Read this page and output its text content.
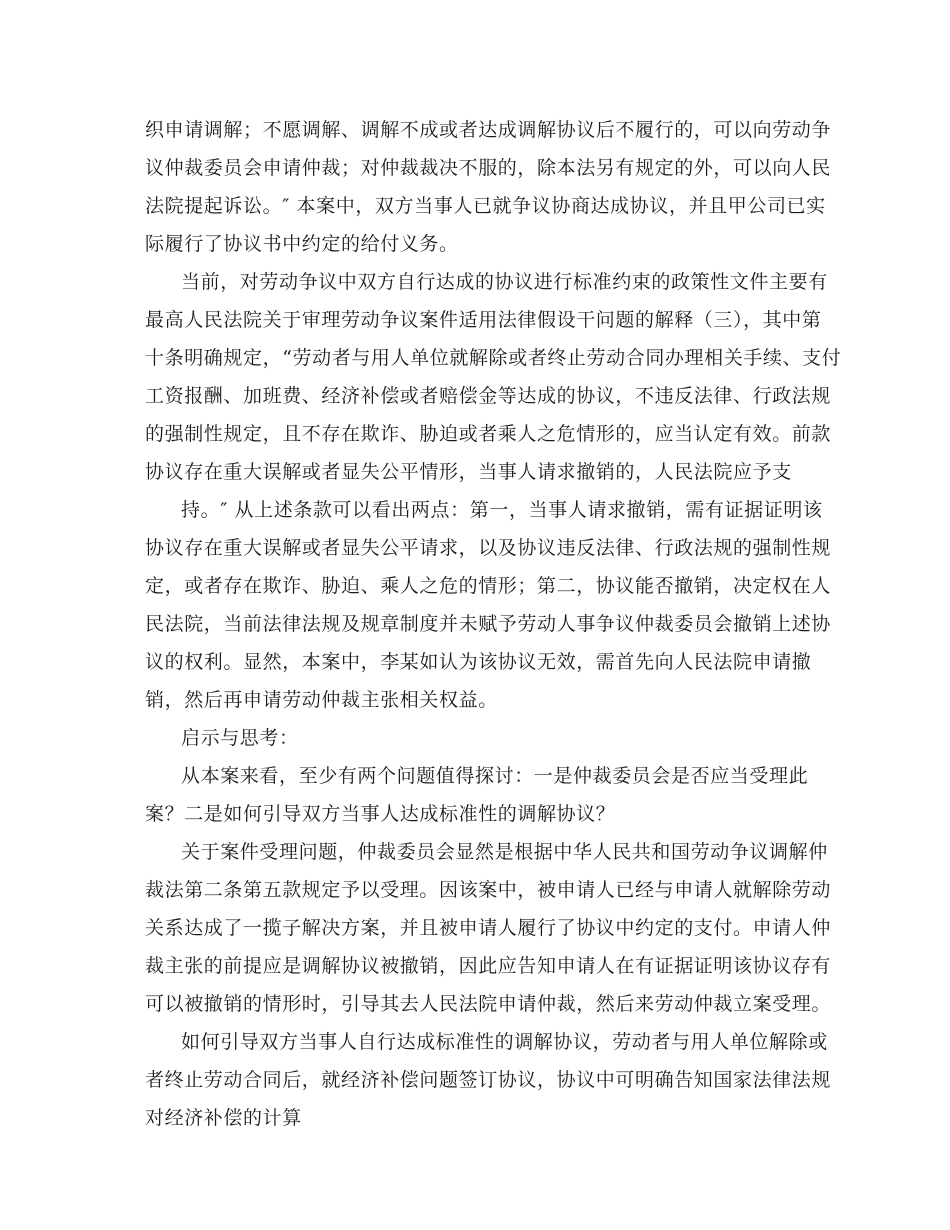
织申请调解；不愿调解、调解不成或者达成调解协议后不履行的，可以向劳动争
议仲裁委员会申请仲裁；对仲裁裁决不服的，除本法另有规定的外，可以向人民
法院提起诉讼。″ 本案中，双方当事人已就争议协商达成协议，并且甲公司已实
际履行了协议书中约定的给付义务。
当前，对劳动争议中双方自行达成的协议进行标准约束的政策性文件主要有
最高人民法院关于审理劳动争议案件适用法律假设干问题的解释（三），其中第
十条明确规定，“劳动者与用人单位就解除或者终止劳动合同办理相关手续、支付
工资报酬、加班费、经济补偿或者赔偿金等达成的协议，不违反法律、行政法规
的强制性规定，且不存在欺诈、胁迫或者乘人之危情形的，应当认定有效。前款
协议存在重大误解或者显失公平情形，当事人请求撤销的，人民法院应予支
持。″ 从上述条款可以看出两点：第一，当事人请求撤销，需有证据证明该
协议存在重大误解或者显失公平请求，以及协议违反法律、行政法规的强制性规
定，或者存在欺诈、胁迫、乘人之危的情形；第二，协议能否撤销，决定权在人
民法院，当前法律法规及规章制度并未赋予劳动人事争议仲裁委员会撤销上述协
议的权利。显然，本案中，李某如认为该协议无效，需首先向人民法院申请撤
销，然后再申请劳动仲裁主张相关权益。
启示与思考：
从本案来看，至少有两个问题值得探讨：一是仲裁委员会是否应当受理此
案？二是如何引导双方当事人达成标准性的调解协议？
关于案件受理问题，仲裁委员会显然是根据中华人民共和国劳动争议调解仲
裁法第二条第五款规定予以受理。因该案中，被申请人已经与申请人就解除劳动
关系达成了一揽子解决方案，并且被申请人履行了协议中约定的支付。申请人仲
裁主张的前提应是调解协议被撤销，因此应告知申请人在有证据证明该协议存有
可以被撤销的情形时，引导其去人民法院申请仲裁，然后来劳动仲裁立案受理。
如何引导双方当事人自行达成标准性的调解协议，劳动者与用人单位解除或
者终止劳动合同后，就经济补偿问题签订协议，协议中可明确告知国家法律法规
对经济补偿的计算
